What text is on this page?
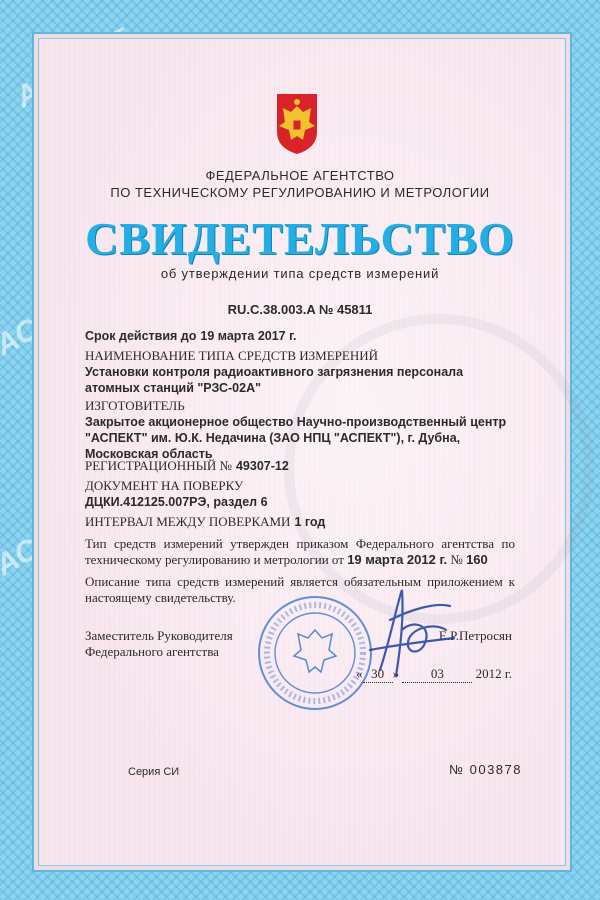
ФЕДЕРАЛЬНОЕ АГЕНТСТВО

ПО ТЕХНИЧЕСКОМУ РЕГУЛИРОВАНИЮ И МЕТРОЛОГИИ

СВИДЕТЕЛЬСТВО

об утверждении типа средств измерений

RU.C.38.003.A № 45811

Срок действия до 19 марта 2017 г.

НАИМЕНОВАНИЕ ТИПА СРЕДСТВ ИЗМЕРЕНИЙ

Установки контроля радиоактивного загрязнения персонала атомных станций "РЗС-02А"

ИЗГОТОВИТЕЛЬ

Закрытое акционерное общество Научно-производственный центр "АСПЕКТ" им. Ю.К. Недачина (ЗАО НПЦ "АСПЕКТ"), г. Дубна, Московская область

РЕГИСТРАЦИОННЫЙ № 49307-12

ДОКУМЕНТ НА ПОВЕРКУ

ДЦКИ.412125.007РЭ, раздел 6

ИНТЕРВАЛ МЕЖДУ ПОВЕРКАМИ 1 год

Тип средств измерений утвержден приказом Федерального агентства по техническому регулированию и метрологии от 19 марта 2012 г. № 160

Описание типа средств измерений является обязательным приложением к настоящему свидетельству.

Заместитель Руководителя

Федерального агентства

Е.Р.Петросян

« 30 » 03 2012 г.

Серия СИ	№ 003878
